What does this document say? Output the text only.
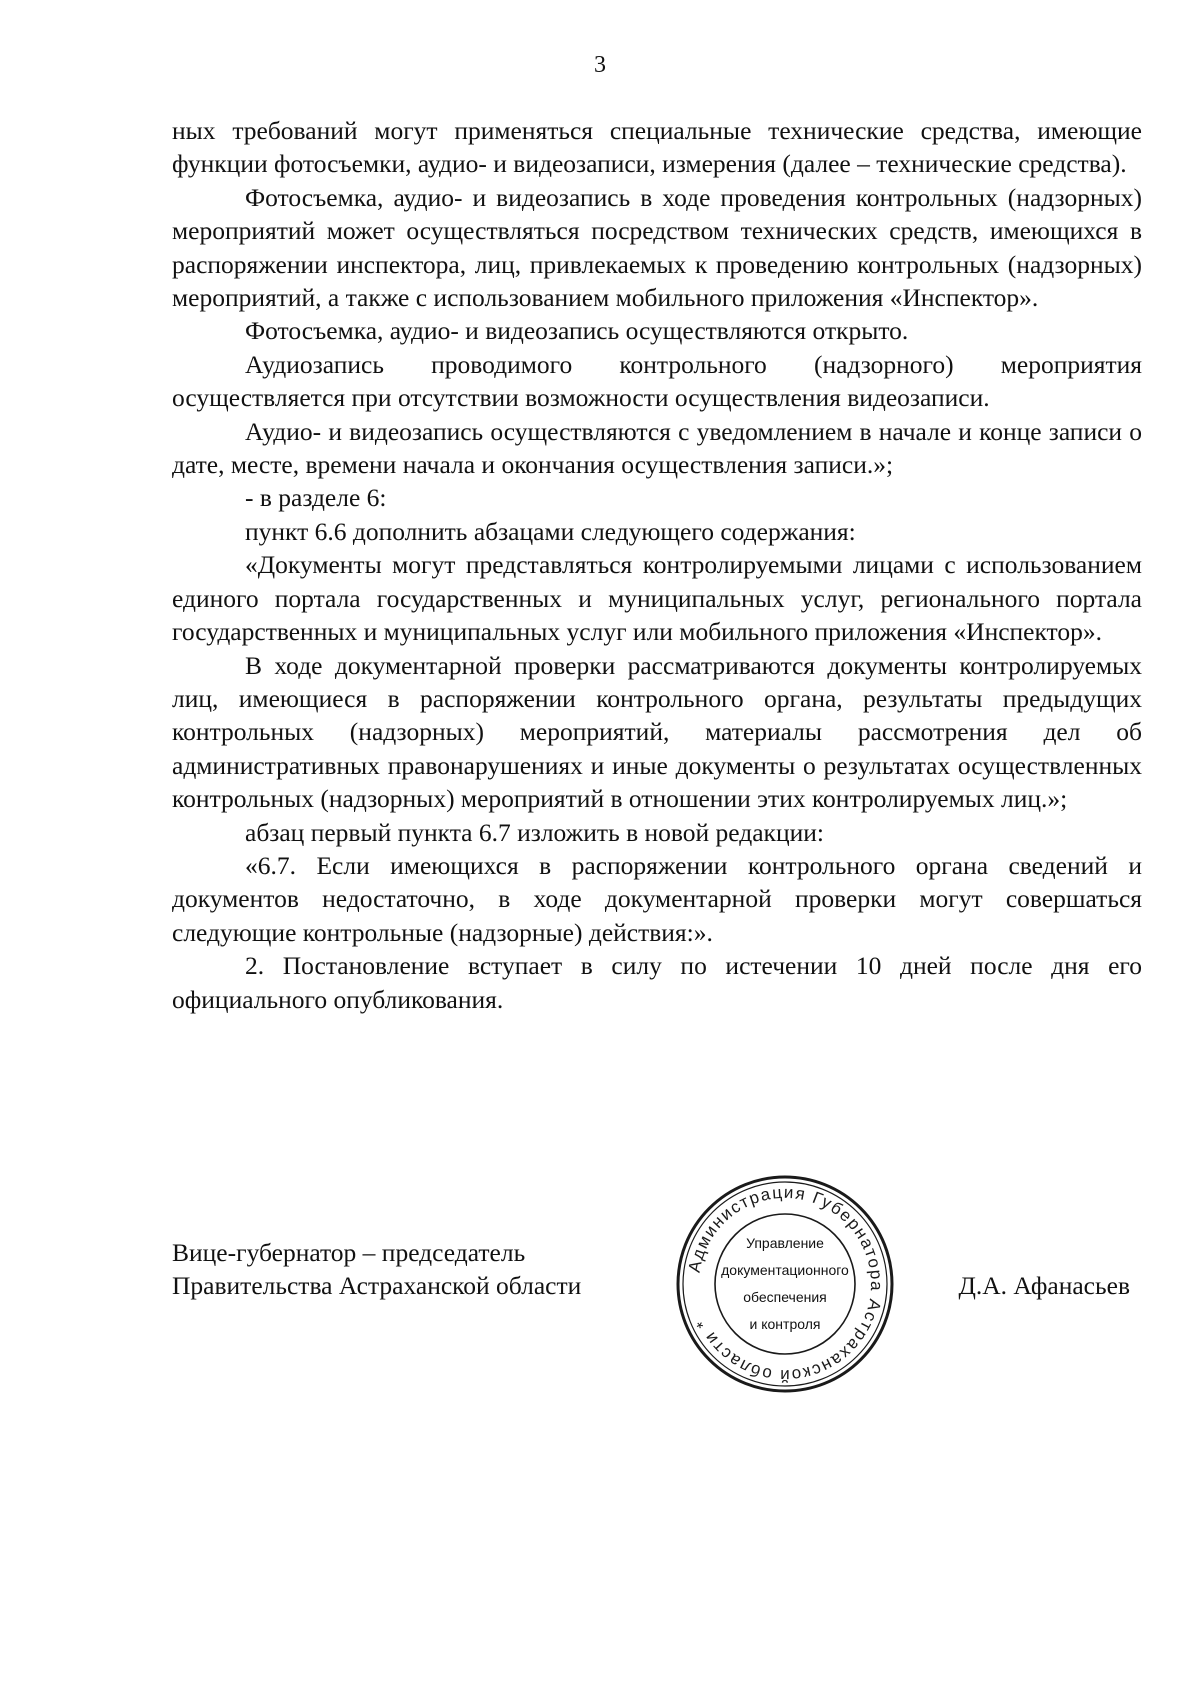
3

ных требований могут применяться специальные технические средства, имеющие функции фотосъемки, аудио- и видеозаписи, измерения (далее – технические средства).

Фотосъемка, аудио- и видеозапись в ходе проведения контрольных (надзорных) мероприятий может осуществляться посредством технических средств, имеющихся в распоряжении инспектора, лиц, привлекаемых к проведению контрольных (надзорных) мероприятий, а также с использованием мобильного приложения «Инспектор».

Фотосъемка, аудио- и видеозапись осуществляются открыто.

Аудиозапись проводимого контрольного (надзорного) мероприятия осуществляется при отсутствии возможности осуществления видеозаписи.

Аудио- и видеозапись осуществляются с уведомлением в начале и конце записи о дате, месте, времени начала и окончания осуществления записи.»;

- в разделе 6:

пункт 6.6 дополнить абзацами следующего содержания:

«Документы могут представляться контролируемыми лицами с использованием единого портала государственных и муниципальных услуг, регионального портала государственных и муниципальных услуг или мобильного приложения «Инспектор».

В ходе документарной проверки рассматриваются документы контролируемых лиц, имеющиеся в распоряжении контрольного органа, результаты предыдущих контрольных (надзорных) мероприятий, материалы рассмотрения дел об административных правонарушениях и иные документы о результатах осуществленных контрольных (надзорных) мероприятий в отношении этих контролируемых лиц.»;

абзац первый пункта 6.7 изложить в новой редакции:

«6.7. Если имеющихся в распоряжении контрольного органа сведений и документов недостаточно, в ходе документарной проверки могут совершаться следующие контрольные (надзорные) действия:».

2. Постановление вступает в силу по истечении 10 дней после дня его официального опубликования.

Вице-губернатор – председатель
Правительства Астраханской области
Администрация Губернатора Астраханской области *
Управление
документационного
обеспечения
и контроля
Д.А. Афанасьев
